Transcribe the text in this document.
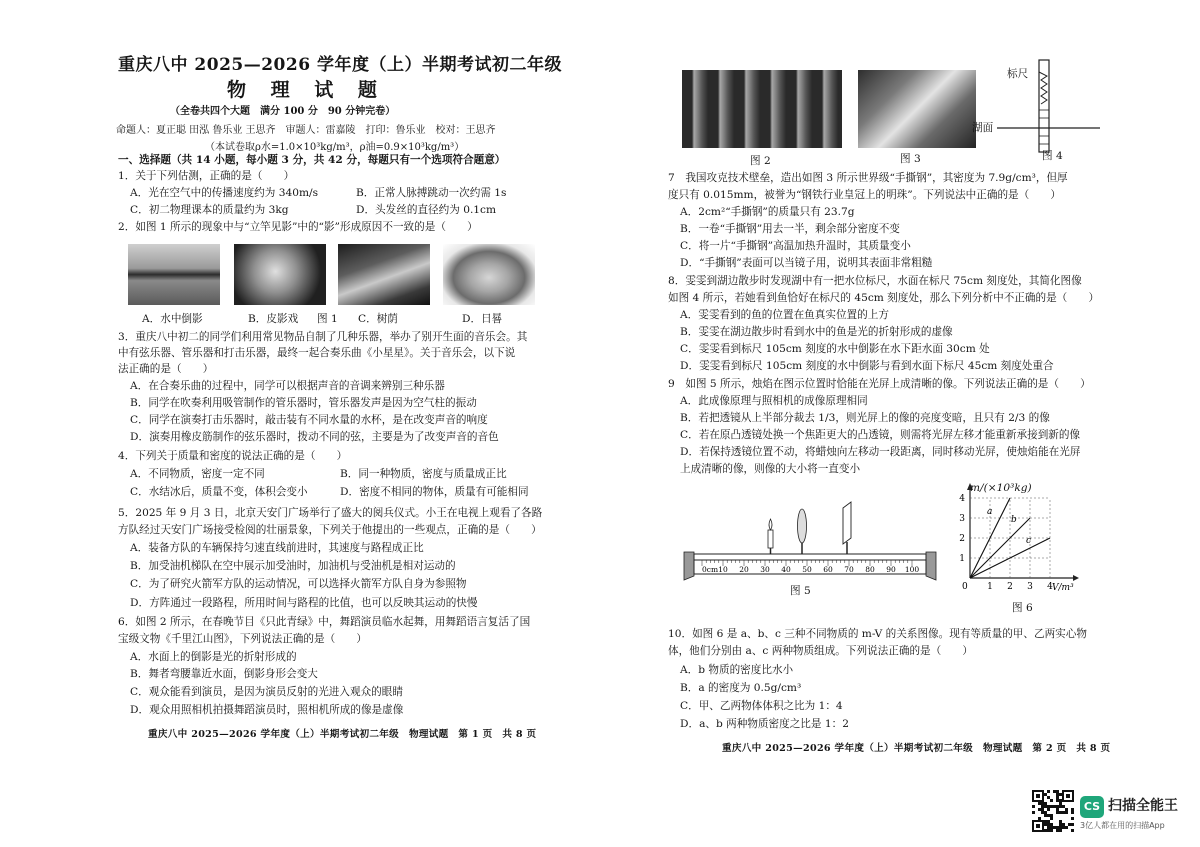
重庆八中 2025—2026 学年度（上）半期考试初二年级
物 理 试 题
（全卷共四个大题　满分 100 分　90 分钟完卷）
命题人：夏正聪 田泓 鲁乐业 王思齐　审题人：雷嘉陵　打印：鲁乐业　校对：王思齐
（本试卷取ρ水=1.0×10³kg/m³，ρ油=0.9×10³kg/m³）
一、选择题（共 14 小题，每小题 3 分，共 42 分，每题只有一个选项符合题意）
1．关于下列估测，正确的是（　　）
A．光在空气中的传播速度约为 340m/s	B．正常人脉搏跳动一次约需 1s
C．初二物理课本的质量约为 3kg	D．头发丝的直径约为 0.1cm
2．如图 1 所示的现象中与“立竿见影”中的“影”形成原因不一致的是（　　）
A．水中倒影	B．皮影戏 图 1 C．树荫	D．日晷
3．重庆八中初二的同学们利用常见物品自制了几种乐器，举办了别开生面的音乐会。其
中有弦乐器、管乐器和打击乐器，最终一起合奏乐曲《小星星》。关于音乐会，以下说
法正确的是（　　）
A．在合奏乐曲的过程中，同学可以根据声音的音调来辨别三种乐器
B．同学在吹奏利用吸管制作的管乐器时，管乐器发声是因为空气柱的振动
C．同学在演奏打击乐器时，敲击装有不同水量的水杯，是在改变声音的响度
D．演奏用橡皮筋制作的弦乐器时，拨动不同的弦，主要是为了改变声音的音色
4．下列关于质量和密度的说法正确的是（　　）
A．不同物质，密度一定不同	B．同一种物质，密度与质量成正比
C．水结冰后，质量不变，体积会变小	D．密度不相同的物体，质量有可能相同
5．2025 年 9 月 3 日，北京天安门广场举行了盛大的阅兵仪式。小王在电视上观看了各路
方队经过天安门广场接受检阅的壮丽景象，下列关于他提出的一些观点，正确的是（　　）
A．装备方队的车辆保持匀速直线前进时，其速度与路程成正比
B．加受油机梯队在空中展示加受油时，加油机与受油机是相对运动的
C．为了研究火箭军方队的运动情况，可以选择火箭军方队自身为参照物
D．方阵通过一段路程，所用时间与路程的比值，也可以反映其运动的快慢
6．如图 2 所示，在春晚节目《只此青绿》中，舞蹈演员临水起舞，用舞蹈语言复活了国
宝级文物《千里江山图》，下列说法正确的是（　　）
A．水面上的倒影是光的折射形成的
B．舞者弯腰靠近水面，倒影身形会变大
C．观众能看到演员，是因为演员反射的光进入观众的眼睛
D．观众用照相机拍摄舞蹈演员时，照相机所成的像是虚像
重庆八中 2025—2026 学年度（上）半期考试初二年级　物理试题　第 1 页　共 8 页
图 2	图 3
标尺
湖面
图 4
7　我国攻克技术壁垒，造出如图 3 所示世界级“手撕钢”，其密度为 7.9g/cm³，但厚
度只有 0.015mm，被誉为“钢铁行业皇冠上的明珠”。下列说法中正确的是（　　）
A．2cm²“手撕钢”的质量只有 23.7g
B．一卷“手撕钢”用去一半，剩余部分密度不变
C．将一片“手撕钢”高温加热升温时，其质量变小
D．“手撕钢”表面可以当镜子用，说明其表面非常粗糙
8．雯雯到湖边散步时发现湖中有一把水位标尺，水面在标尺 75cm 刻度处，其简化图像
如图 4 所示，若她看到鱼恰好在标尺的 45cm 刻度处，那么下列分析中不正确的是（　　）
A．雯雯看到的鱼的位置在鱼真实位置的上方
B．雯雯在湖边散步时看到水中的鱼是光的折射形成的虚像
C．雯雯看到标尺 105cm 刻度的水中倒影在水下距水面 30cm 处
D．雯雯看到标尺 105cm 刻度的水中倒影与看到水面下标尺 45cm 刻度处重合
9　如图 5 所示，烛焰在图示位置时恰能在光屏上成清晰的像。下列说法正确的是（　　）
A．此成像原理与照相机的成像原理相同
B．若把透镜从上半部分裁去 1/3，则光屏上的像的亮度变暗，且只有 2/3 的像
C．若在原凸透镜处换一个焦距更大的凸透镜，则需将光屏左移才能重新承接到新的像
D．若保持透镜位置不动，将蜡烛向左移动一段距离，同时移动光屏，使烛焰能在光屏
上成清晰的像，则像的大小将一直变小
0cm 10 20 30 40 50 60 70 80 90 100
图 5
a
b
c
1 2 3 4
1
2
3
4
0	V/m³
m/(×10³kg)
图 6
10．如图 6 是 a、b、c 三种不同物质的 m-V 的关系图像。现有等质量的甲、乙两实心物
体，他们分别由 a、c 两种物质组成。下列说法正确的是（　　）
A．b 物质的密度比水小
B．a 的密度为 0.5g/cm³
C．甲、乙两物体体积之比为 1：4
D．a、b 两种物质密度之比是 1：2
重庆八中 2025—2026 学年度（上）半期考试初二年级　物理试题　第 2 页　共 8 页
CS 扫描全能王
3亿人都在用的扫描App
